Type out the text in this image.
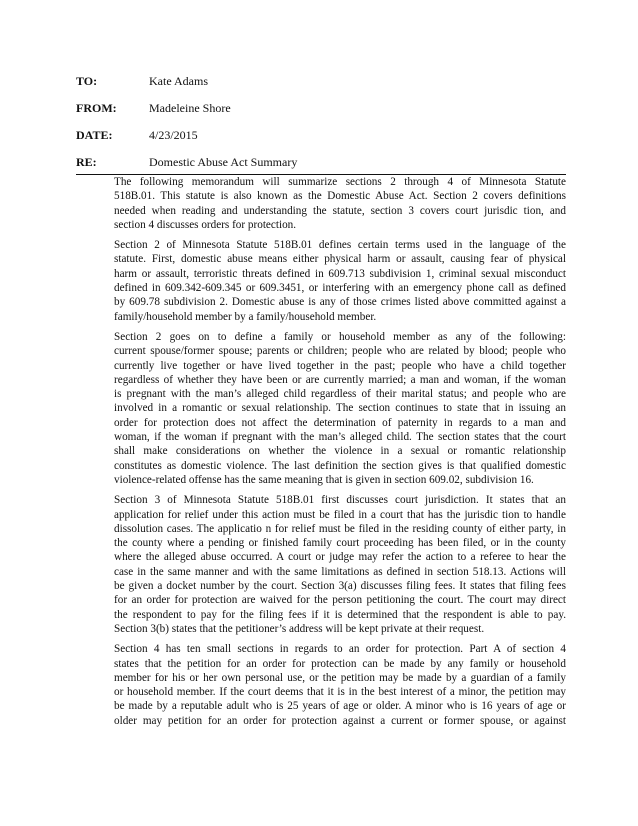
TO:	Kate Adams
FROM:	Madeleine Shore
DATE:	4/23/2015
RE:	Domestic Abuse Act Summary
The following memorandum will summarize sections 2 through 4 of Minnesota Statute
518B.01. This statute is also known as the Domestic Abuse Act. Section 2 covers definitions
needed when reading and understanding the statute, section 3 covers court jurisdic tion, and
section 4 discusses orders for protection.
Section 2 of Minnesota Statute 518B.01 defines certain terms used in the language of the
statute. First, domestic abuse means either physical harm or assault, causing fear of physical
harm or assault, terroristic threats defined in 609.713 subdivision 1, criminal sexual misconduct
defined in 609.342-609.345 or 609.3451, or interfering with an emergency phone call as defined
by 609.78 subdivision 2. Domestic abuse is any of those crimes listed above committed against a
family/household member by a family/household member.
Section 2 goes on to define a family or household member as any of the following:
current spouse/former spouse; parents or children; people who are related by blood; people who
currently live together or have lived together in the past; people who have a child together
regardless of whether they have been or are currently married; a man and woman, if the woman
is pregnant with the man’s alleged child regardless of their marital status; and people who are
involved in a romantic or sexual relationship. The section continues to state that in issuing an
order for protection does not affect the determination of paternity in regards to a man and
woman, if the woman if pregnant with the man’s alleged child. The section states that the court
shall make considerations on whether the violence in a sexual or romantic relationship
constitutes as domestic violence. The last definition the section gives is that qualified domestic
violence-related offense has the same meaning that is given in section 609.02, subdivision 16.
Section 3 of Minnesota Statute 518B.01 first discusses court jurisdiction. It states that an
application for relief under this action must be filed in a court that has the jurisdic tion to handle
dissolution cases. The applicatio n for relief must be filed in the residing county of either party, in
the county where a pending or finished family court proceeding has been filed, or in the county
where the alleged abuse occurred. A court or judge may refer the action to a referee to hear the
case in the same manner and with the same limitations as defined in section 518.13. Actions will
be given a docket number by the court. Section 3(a) discusses filing fees. It states that filing fees
for an order for protection are waived for the person petitioning the court. The court may direct
the respondent to pay for the filing fees if it is determined that the respondent is able to pay.
Section 3(b) states that the petitioner’s address will be kept private at their request.
Section 4 has ten small sections in regards to an order for protection. Part A of section 4
states that the petition for an order for protection can be made by any family or household
member for his or her own personal use, or the petition may be made by a guardian of a family
or household member. If the court deems that it is in the best interest of a minor, the petition may
be made by a reputable adult who is 25 years of age or older. A minor who is 16 years of age or
older may petition for an order for protection against a current or former spouse, or against
